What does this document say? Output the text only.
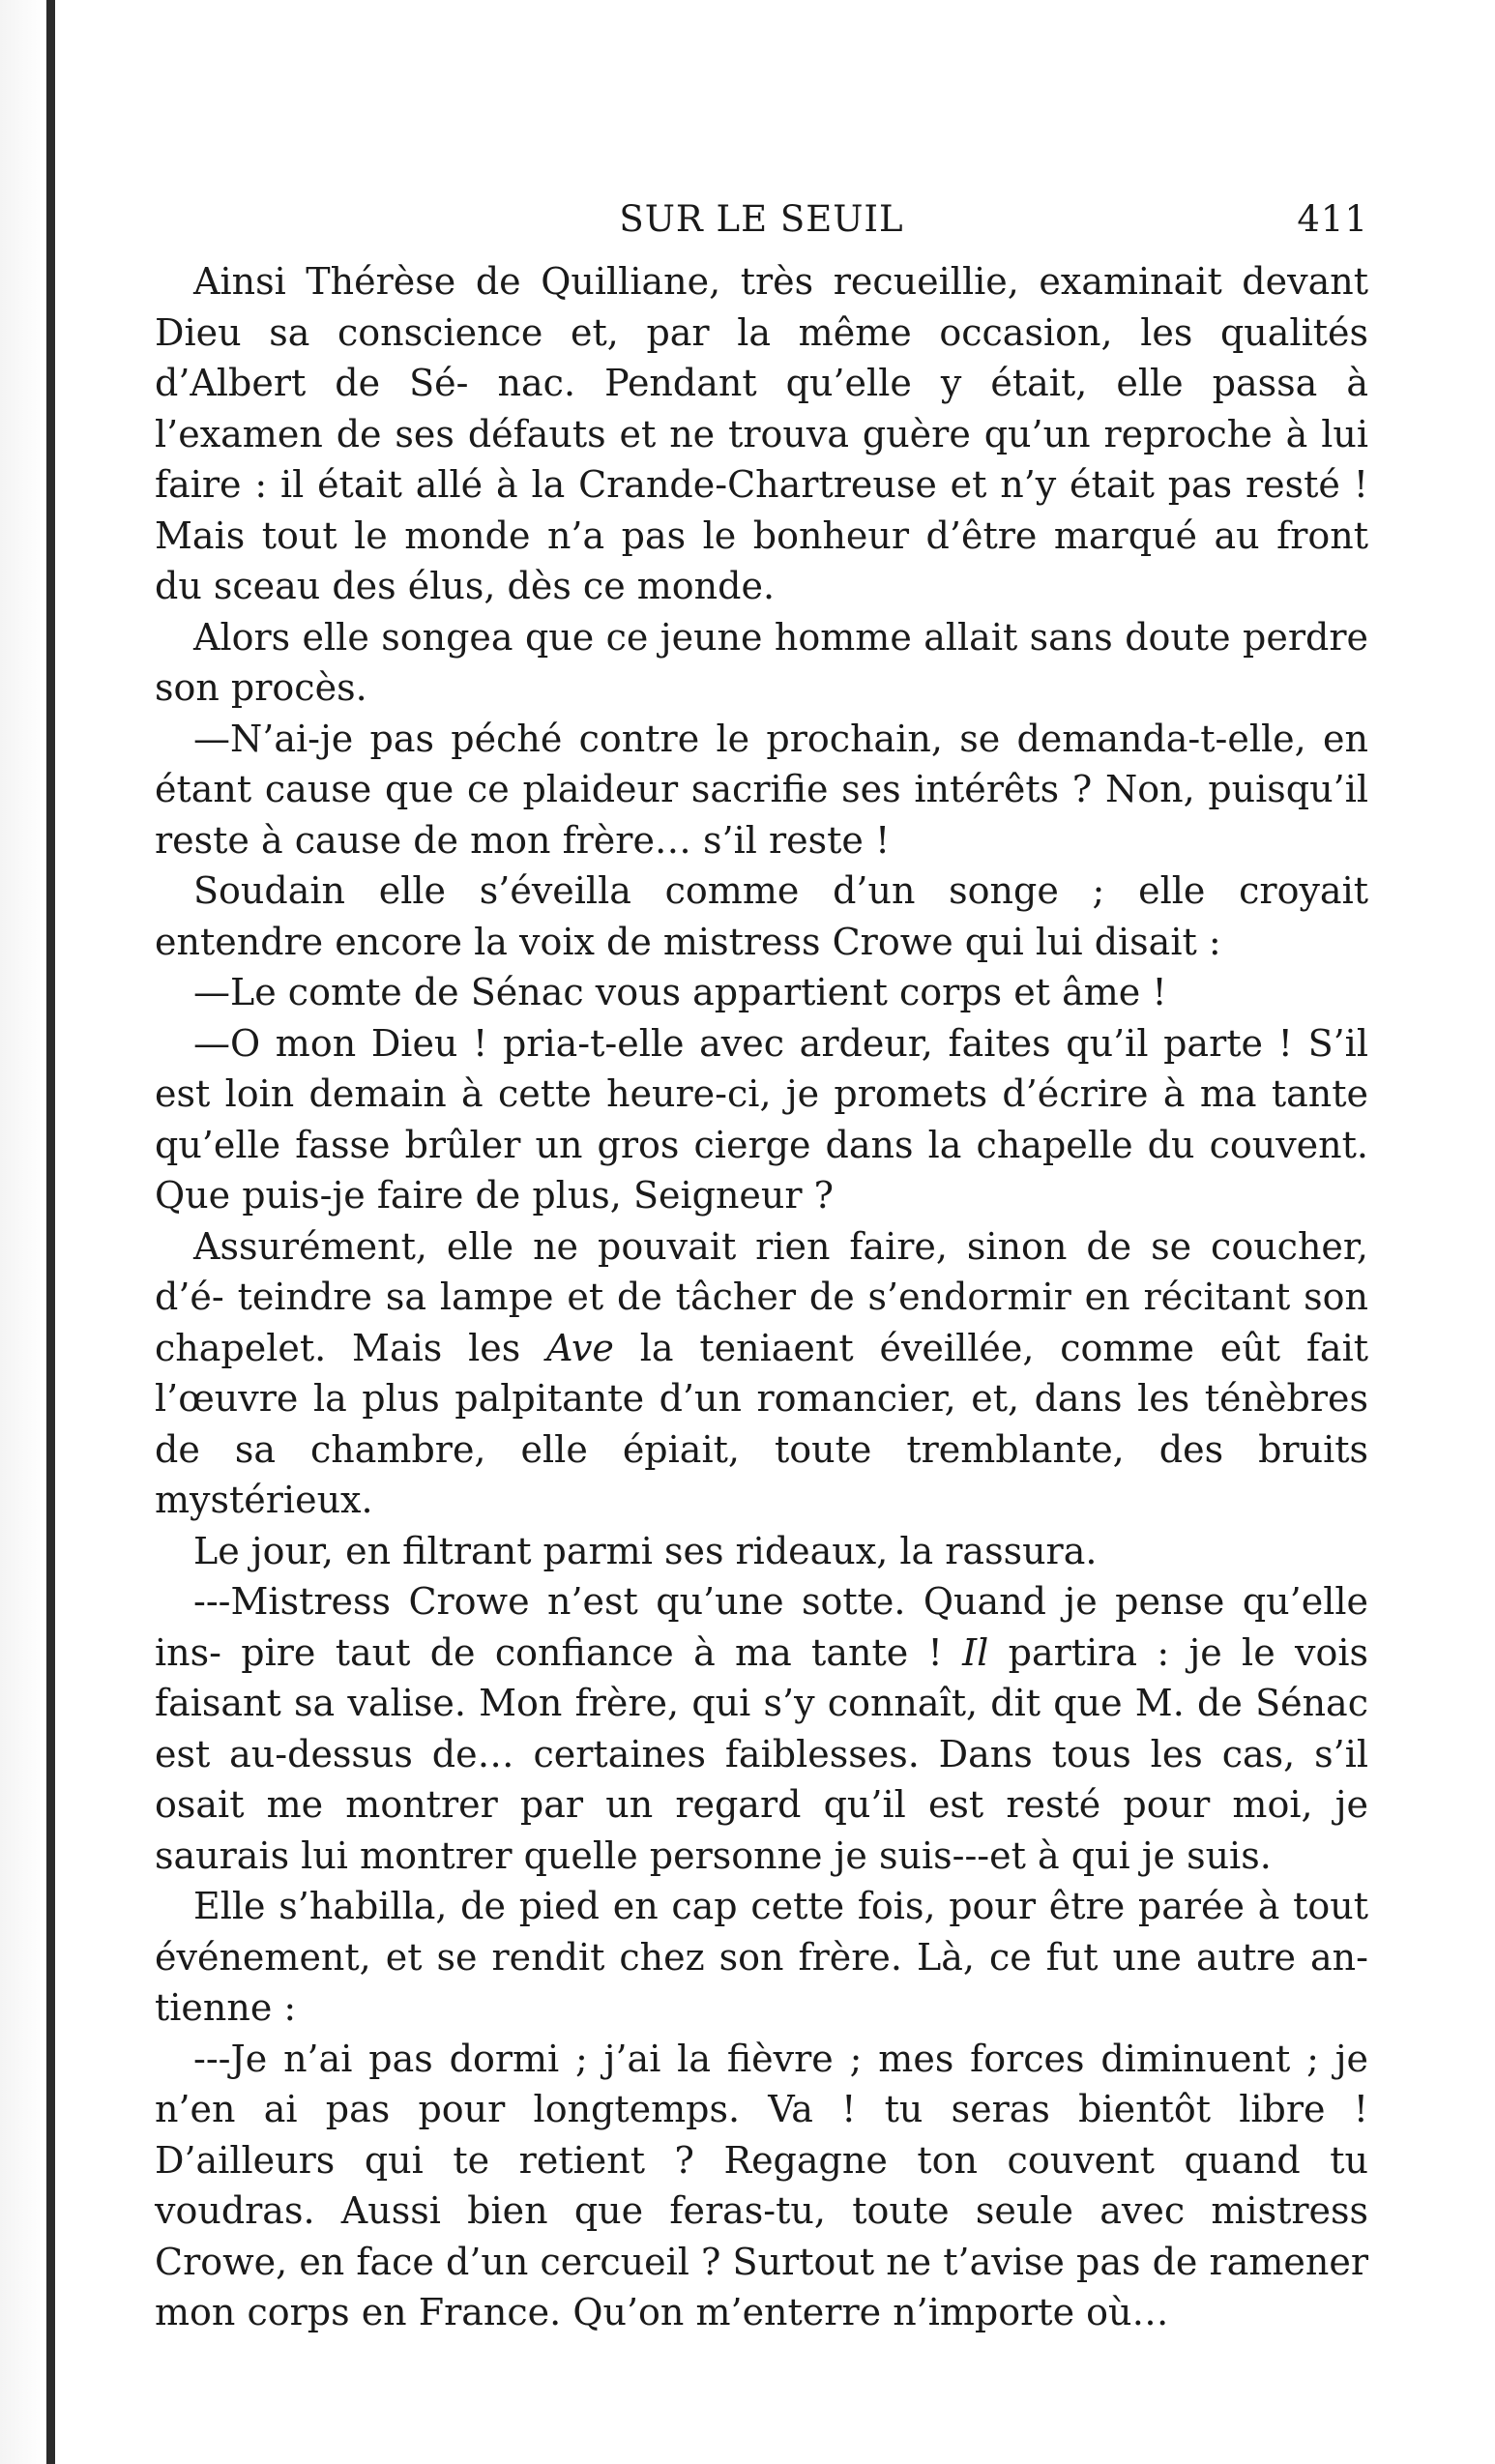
SUR LE SEUIL	411

Ainsi Thérèse de Quilliane, très recueillie, examinait devant Dieu sa conscience et, par la même occasion, les qualités d’Albert de Sé- nac. Pendant qu’elle y était, elle passa à l’examen de ses défauts et ne trouva guère qu’un reproche à lui faire : il était allé à la Crande-Chartreuse et n’y était pas resté ! Mais tout le monde n’a pas le bonheur d’être marqué au front du sceau des élus, dès ce monde.

Alors elle songea que ce jeune homme allait sans doute perdre son procès.

—N’ai-je pas péché contre le prochain, se demanda-t-elle, en étant cause que ce plaideur sacrifie ses intérêts ? Non, puisqu’il reste à cause de mon frère… s’il reste !

Soudain elle s’éveilla comme d’un songe ; elle croyait entendre encore la voix de mistress Crowe qui lui disait :

—Le comte de Sénac vous appartient corps et âme !

—O mon Dieu ! pria-t-elle avec ardeur, faites qu’il parte ! S’il est loin demain à cette heure-ci, je promets d’écrire à ma tante qu’elle fasse brûler un gros cierge dans la chapelle du couvent. Que puis-je faire de plus, Seigneur ?

Assurément, elle ne pouvait rien faire, sinon de se coucher, d’é- teindre sa lampe et de tâcher de s’endormir en récitant son chapelet. Mais les Ave la teniaent éveillée, comme eût fait l’œuvre la plus palpitante d’un romancier, et, dans les ténèbres de sa chambre, elle épiait, toute tremblante, des bruits mystérieux.

Le jour, en filtrant parmi ses rideaux, la rassura.

---Mistress Crowe n’est qu’une sotte. Quand je pense qu’elle ins- pire taut de confiance à ma tante ! Il partira : je le vois faisant sa valise. Mon frère, qui s’y connaît, dit que M. de Sénac est au-dessus de… certaines faiblesses. Dans tous les cas, s’il osait me montrer par un regard qu’il est resté pour moi, je saurais lui montrer quelle personne je suis---et à qui je suis.

Elle s’habilla, de pied en cap cette fois, pour être parée à tout événement, et se rendit chez son frère. Là, ce fut une autre an- tienne :

---Je n’ai pas dormi ; j’ai la fièvre ; mes forces diminuent ; je n’en ai pas pour longtemps. Va ! tu seras bientôt libre ! D’ailleurs qui te retient ? Regagne ton couvent quand tu voudras. Aussi bien que feras-tu, toute seule avec mistress Crowe, en face d’un cercueil ? Surtout ne t’avise pas de ramener mon corps en France. Qu’on m’enterre n’importe où…
